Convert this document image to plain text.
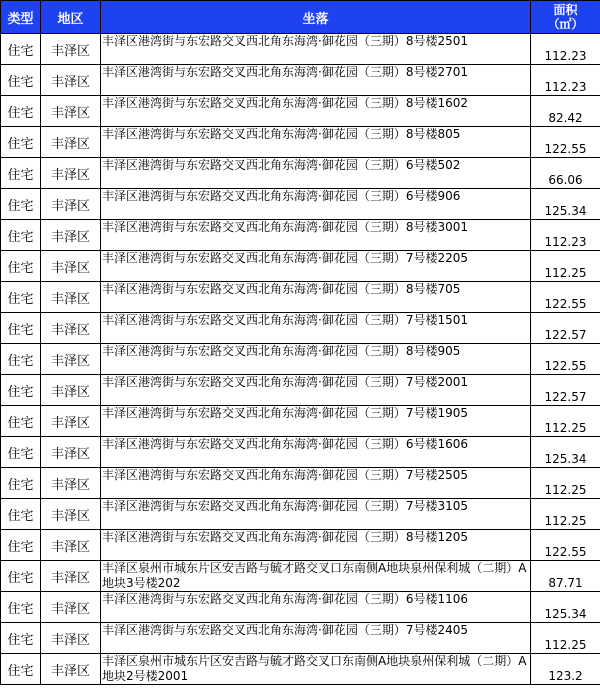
类型	地区	坐落	面积
（㎡）
住宅	丰泽区	丰泽区港湾街与东宏路交叉西北角东海湾·御花园（三期）8号楼2501	112.23
住宅	丰泽区	丰泽区港湾街与东宏路交叉西北角东海湾·御花园（三期）8号楼2701	112.23
住宅	丰泽区	丰泽区港湾街与东宏路交叉西北角东海湾·御花园（三期）8号楼1602	82.42
住宅	丰泽区	丰泽区港湾街与东宏路交叉西北角东海湾·御花园（三期）8号楼805	122.55
住宅	丰泽区	丰泽区港湾街与东宏路交叉西北角东海湾·御花园（三期）6号楼502	66.06
住宅	丰泽区	丰泽区港湾街与东宏路交叉西北角东海湾·御花园（三期）6号楼906	125.34
住宅	丰泽区	丰泽区港湾街与东宏路交叉西北角东海湾·御花园（三期）8号楼3001	112.23
住宅	丰泽区	丰泽区港湾街与东宏路交叉西北角东海湾·御花园（三期）7号楼2205	112.25
住宅	丰泽区	丰泽区港湾街与东宏路交叉西北角东海湾·御花园（三期）8号楼705	122.55
住宅	丰泽区	丰泽区港湾街与东宏路交叉西北角东海湾·御花园（三期）7号楼1501	122.57
住宅	丰泽区	丰泽区港湾街与东宏路交叉西北角东海湾·御花园（三期）8号楼905	122.55
住宅	丰泽区	丰泽区港湾街与东宏路交叉西北角东海湾·御花园（三期）7号楼2001	122.57
住宅	丰泽区	丰泽区港湾街与东宏路交叉西北角东海湾·御花园（三期）7号楼1905	112.25
住宅	丰泽区	丰泽区港湾街与东宏路交叉西北角东海湾·御花园（三期）6号楼1606	125.34
住宅	丰泽区	丰泽区港湾街与东宏路交叉西北角东海湾·御花园（三期）7号楼2505	112.25
住宅	丰泽区	丰泽区港湾街与东宏路交叉西北角东海湾·御花园（三期）7号楼3105	112.25
住宅	丰泽区	丰泽区港湾街与东宏路交叉西北角东海湾·御花园（三期）8号楼1205	122.55
住宅	丰泽区	丰泽区泉州市城东片区安吉路与毓才路交叉口东南侧A地块泉州保利城（二期）A地块3号楼202	87.71
住宅	丰泽区	丰泽区港湾街与东宏路交叉西北角东海湾·御花园（三期）6号楼1106	125.34
住宅	丰泽区	丰泽区港湾街与东宏路交叉西北角东海湾·御花园（三期）7号楼2405	112.25
住宅	丰泽区	丰泽区泉州市城东片区安吉路与毓才路交叉口东南侧A地块泉州保利城（二期）A地块2号楼2001	123.2
